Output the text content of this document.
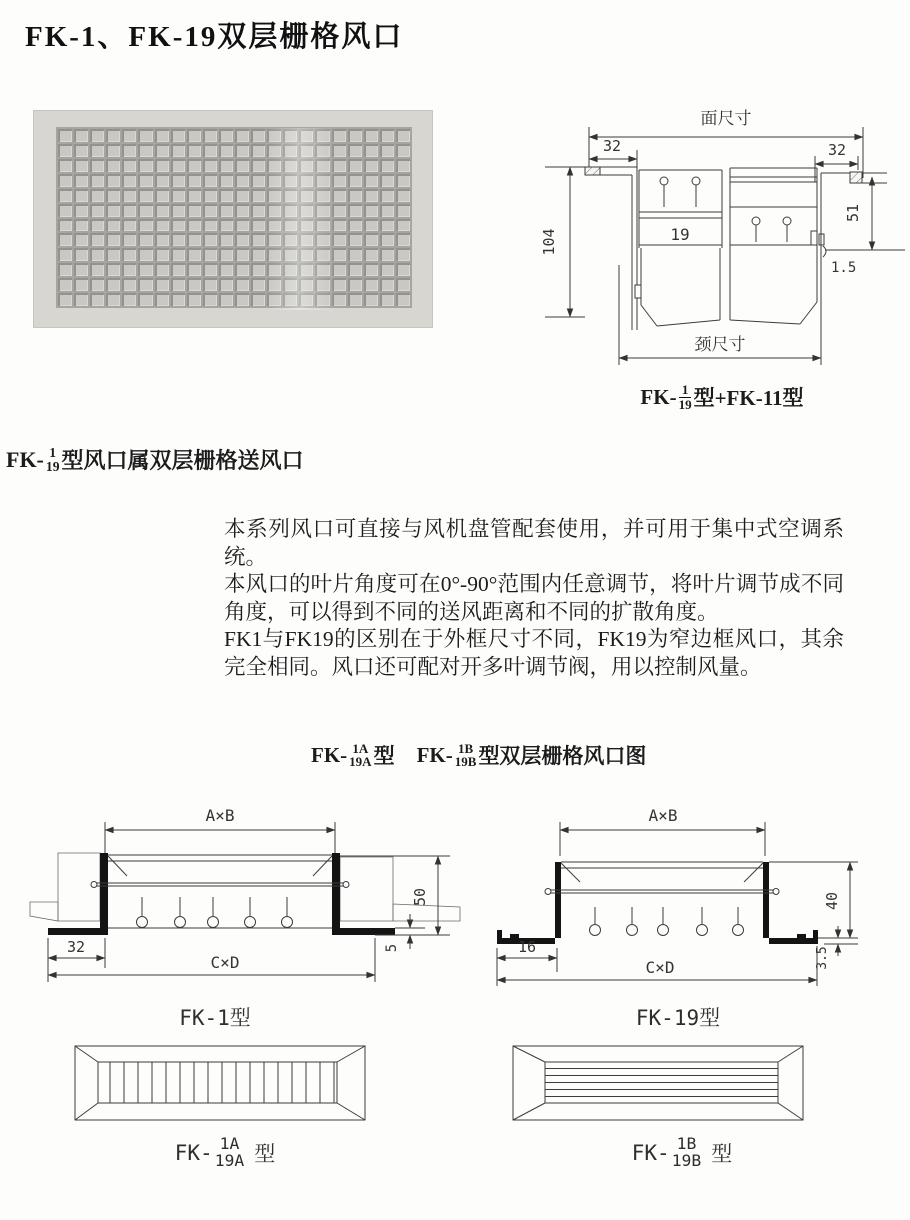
FK-1、FK-19双层栅格风口
面尺寸
32	32
104	19
51
1.5
颈尺寸
$FK- \frac{1}{19}$ 型+FK-11型
FK- 1
19 型风口属双层栅格送风口

本系列风口可直接与风机盘管配套使用，并可用于集中式空调系统。

本风口的叶片角度可在0°-90°范围内任意调节，将叶片调节成不同角度，可以得到不同的送风距离和不同的扩散角度。

FK1与FK19的区别在于外框尺寸不同，FK19为窄边框风口，其余完全相同。风口还可配对开多叶调节阀，用以控制风量。

FK- 1A
19A 型 FK- 1B
19B 型双层栅格风口图
A×B
32
C×D
50
5
FK-1型
A×B
16
C×D
40
3.5
FK-19型
FK- 1A
19A 型	FK- 1B
19B 型
